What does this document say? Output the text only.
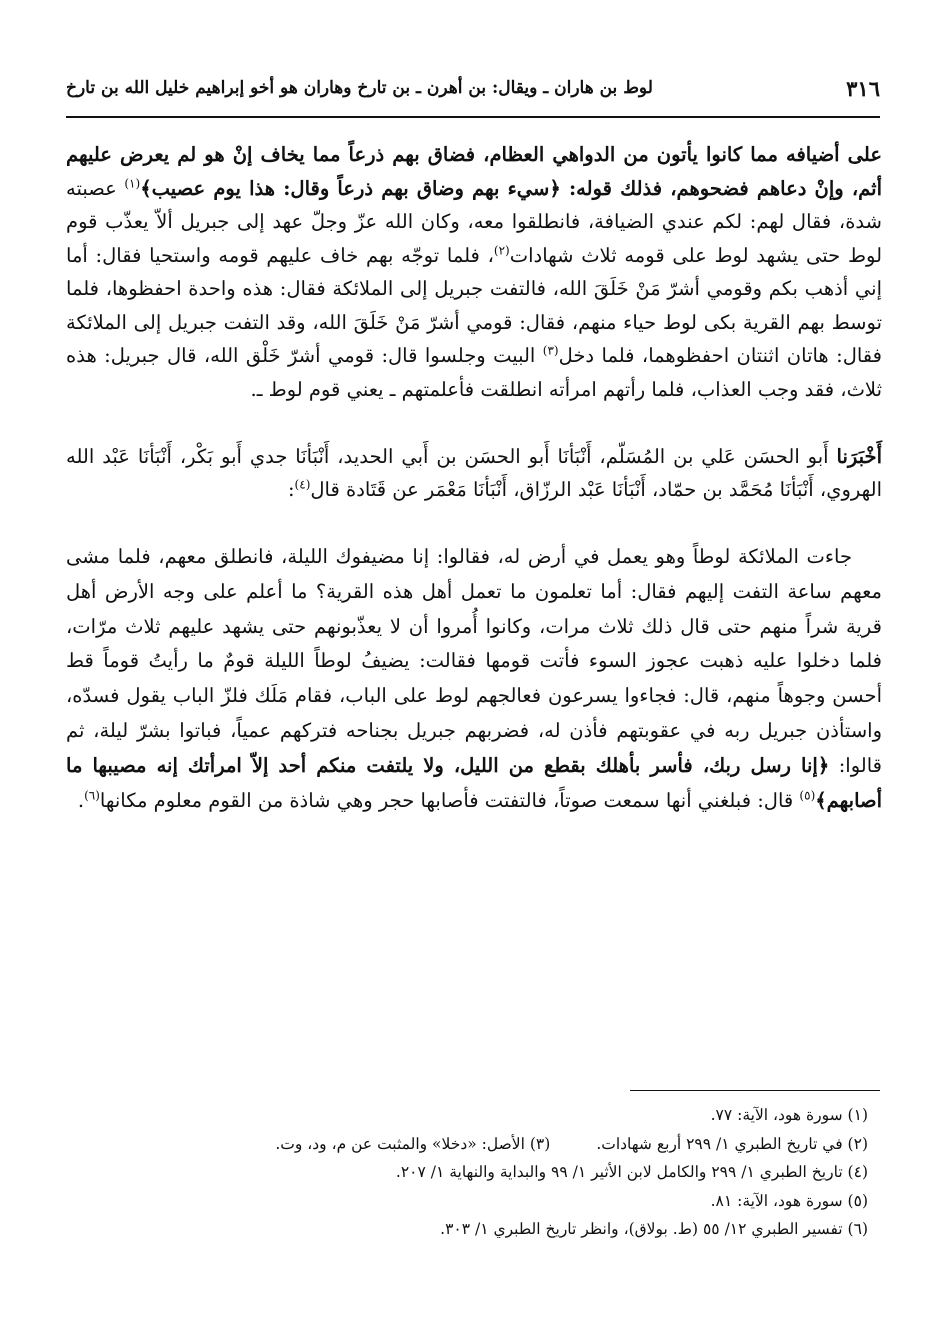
٣١٦
لوط بن هاران ـ ويقال: بن أهرن ـ بن تارخ وهاران هو أخو إبراهيم خليل الله بن تارخ

على أضيافه مما كانوا يأتون من الدواهي العظام، فضاق بهم ذرعاً مما يخاف إنْ هو لم يعرض عليهم أثم، وإنْ دعاهم فضحوهم، فذلك قوله: ﴿سيء بهم وضاق بهم ذرعاً وقال: هذا يوم عصيب﴾$^{(١)}$ عصبته شدة، فقال لهم: لكم عندي الضيافة، فانطلقوا معه، وكان الله عزّ وجلّ عهد إلى جبريل ألاّ يعذّب قوم لوط حتى يشهد لوط على قومه ثلاث شهادات$^{(٢)}$، فلما توجّه بهم خاف عليهم قومه واستحيا فقال: أما إني أذهب بكم وقومي أشرّ مَنْ خَلَقَ الله، فالتفت جبريل إلى الملائكة فقال: هذه واحدة احفظوها، فلما توسط بهم القرية بكى لوط حياء منهم، فقال: قومي أشرّ مَنْ خَلَقَ الله، وقد التفت جبريل إلى الملائكة فقال: هاتان اثنتان احفظوهما، فلما دخل$^{(٣)}$ البيت وجلسوا قال: قومي أشرّ خَلْق الله، قال جبريل: هذه ثلاث، فقد وجب العذاب، فلما رأتهم امرأته انطلقت فأعلمتهم ـ يعني قوم لوط ـ.

أَخْبَرَنا أَبو الحسَن عَلي بن المُسَلّم، أَنْبَأنَا أَبو الحسَن بن أَبي الحديد، أَنْبَأنَا جدي أَبو بَكْر، أَنْبَأنَا عَبْد الله الهروي، أَنْبَأنَا مُحَمَّد بن حمّاد، أَنْبَأنَا عَبْد الرزّاق، أَنْبَأنَا مَعْمَر عن قَتَادة قال$^{(٤)}$:

جاءت الملائكة لوطاً وهو يعمل في أرض له، فقالوا: إنا مضيفوك الليلة، فانطلق معهم، فلما مشى معهم ساعة التفت إليهم فقال: أما تعلمون ما تعمل أهل هذه القرية؟ ما أعلم على وجه الأرض أهل قرية شراً منهم حتى قال ذلك ثلاث مرات، وكانوا أُمروا أن لا يعذّبونهم حتى يشهد عليهم ثلاث مرّات، فلما دخلوا عليه ذهبت عجوز السوء فأتت قومها فقالت: يضيفُ لوطاً الليلة قومٌ ما رأيتُ قوماً قط أحسن وجوهاً منهم، قال: فجاءوا يسرعون فعالجهم لوط على الباب، فقام مَلَك فلزّ الباب يقول فسدّه، واستأذن جبريل ربه في عقوبتهم فأذن له، فضربهم جبريل بجناحه فتركهم عمياً، فباتوا بشرّ ليلة، ثم قالوا: ﴿إنا رسل ربك، فأسر بأهلك بقطع من الليل، ولا يلتفت منكم أحد إلاّ امرأتك إنه مصيبها ما أصابهم﴾$^{(٥)}$ قال: فبلغني أنها سمعت صوتاً، فالتفتت فأصابها حجر وهي شاذة من القوم معلوم مكانها$^{(٦)}$.

(١) سورة هود، الآية: ٧٧.
(٢) في تاريخ الطبري ١/ ٢٩٩ أربع شهادات.
(٣) الأصل: «دخلا» والمثبت عن م، ود، وت.
(٤) تاريخ الطبري ١/ ٢٩٩ والكامل لابن الأثير ١/ ٩٩ والبداية والنهاية ١/ ٢٠٧.
(٥) سورة هود، الآية: ٨١.
(٦) تفسير الطبري ١٢/ ٥٥ (ط. بولاق)، وانظر تاريخ الطبري ١/ ٣٠٣.
